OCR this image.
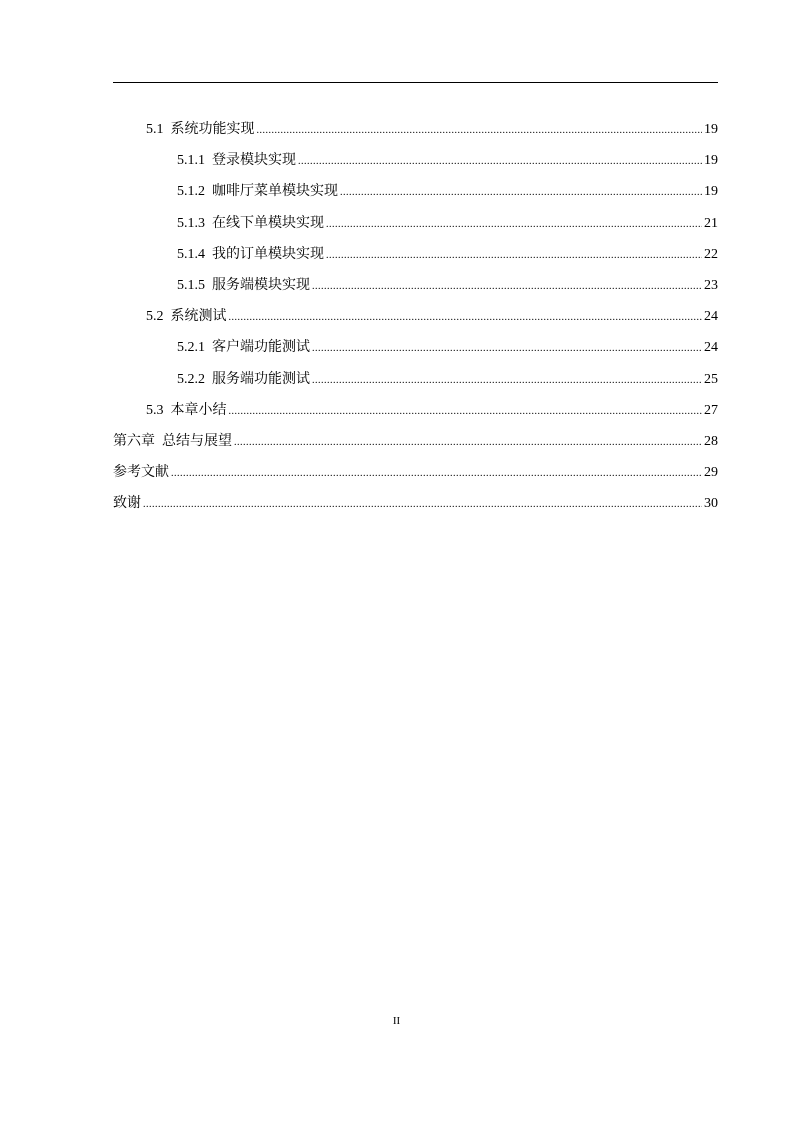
5.1 系统功能实现 .....	19
5.1.1 登录模块实现 .....	19
5.1.2 咖啡厅菜单模块实现 .....	19
5.1.3 在线下单模块实现 .....	21
5.1.4 我的订单模块实现 .....	22
5.1.5 服务端模块实现 .....	23
5.2 系统测试 .....	24
5.2.1 客户端功能测试 .....	24
5.2.2 服务端功能测试 .....	25
5.3 本章小结 .....	27
第六章 总结与展望 .....	28
参考文献 .....	29
致谢 .....	30
II
